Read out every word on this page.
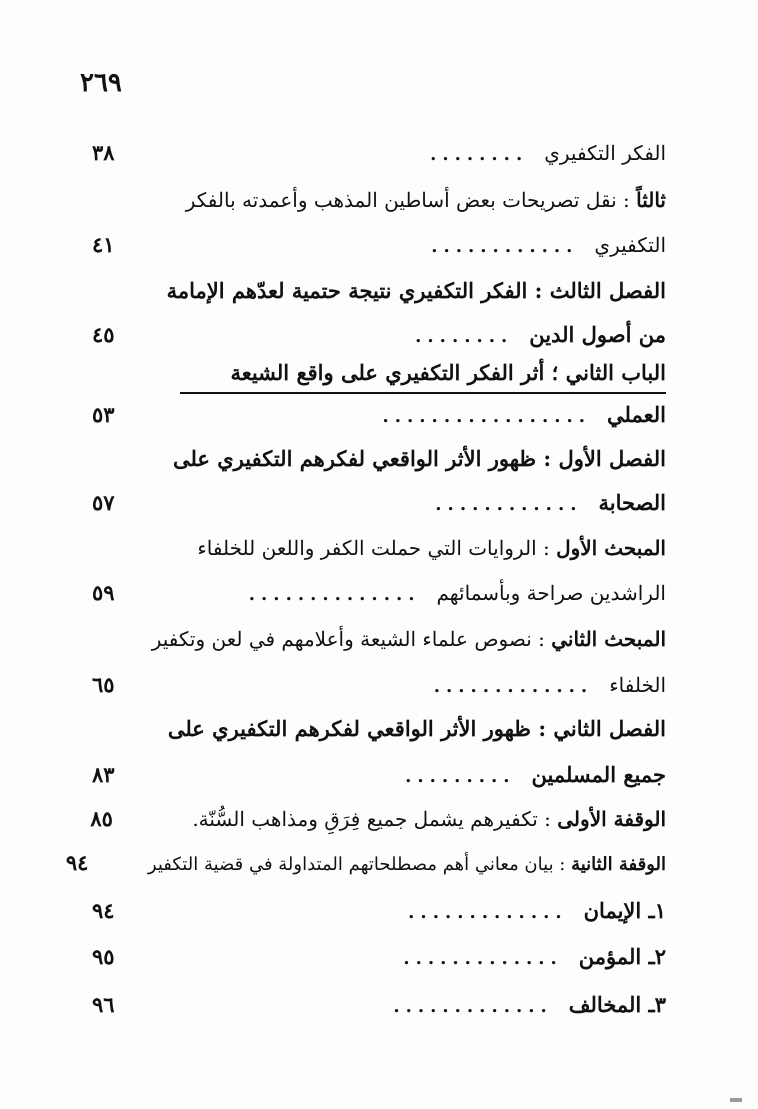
٢٦٩
الفكر التكفيري
........
٣٨
ثالثاً : نقل تصريحات بعض أساطين المذهب وأعمدته بالفكر
التكفيري
............
٤١
الفصل الثالث : الفكر التكفيري نتيجة حتمية لعدّهم الإمامة
من أصول الدين
........
٤٥
الباب الثاني ؛ أثر الفكر التكفيري على واقع الشيعة
العملي
.................
٥٣
الفصل الأول : ظهور الأثر الواقعي لفكرهم التكفيري على
الصحابة
............
٥٧
المبحث الأول : الروايات التي حملت الكفر واللعن للخلفاء
الراشدين صراحة وبأسمائهم
..............
٥٩
المبحث الثاني : نصوص علماء الشيعة وأعلامهم في لعن وتكفير
الخلفاء
.............
٦٥
الفصل الثاني : ظهور الأثر الواقعي لفكرهم التكفيري على
جميع المسلمين
.........
٨٣
الوقفة الأولى : تكفيرهم يشمل جميع فِرَقِ ومذاهب السُّنّة.
٨٥
الوقفة الثانية : بيان معاني أهم مصطلحاتهم المتداولة في قضية التكفير
٩٤
١ـ الإيمان
.............
٩٤
٢ـ المؤمن
.............
٩٥
٣ـ المخالف
.............
٩٦
